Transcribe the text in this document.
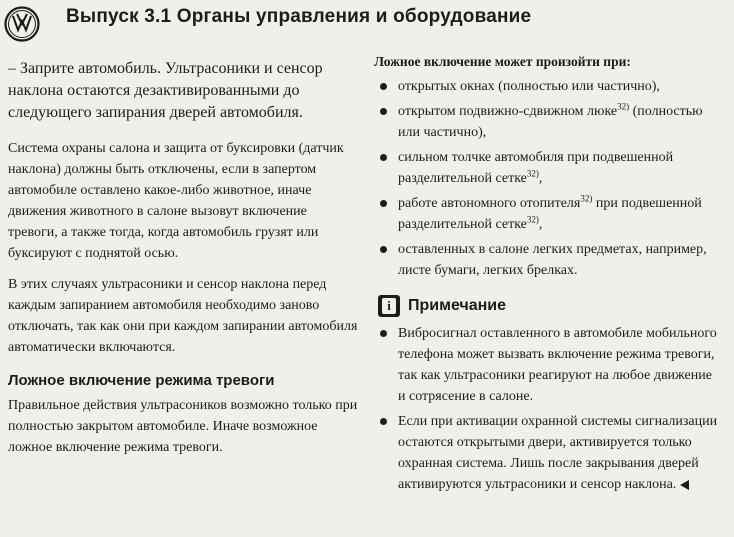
Выпуск 3.1 Органы управления и оборудование

– Заприте автомобиль. Ультрасоники и сенсор наклона остаются дезактивированными до следующего запирания дверей автомобиля.

Система охраны салона и защита от буксировки (датчик наклона) должны быть отключены, если в запертом автомобиле оставлено какое-либо животное, иначе движения животного в салоне вызовут включение тревоги, а также тогда, когда автомобиль грузят или буксируют с поднятой осью.

В этих случаях ультрасоники и сенсор наклона перед каждым запиранием автомобиля необходимо заново отключать, так как они при каждом запирании автомобиля автоматически включаются.

Ложное включение режима тревоги

Правильное действия ультрасоников возможно только при полностью закрытом автомобиле. Иначе возможное ложное включение режима тревоги.

Ложное включение может произойти при:
открытых окнах (полностью или частично),
открытом подвижно-сдвижном люке$^{32)}$ (полностью или частично),
сильном толчке автомобиля при подвешенной разделительной сетке$^{32)}$,
работе автономного отопителя$^{32)}$ при подвешенной разделительной сетке$^{32)}$,
оставленных в салоне легких предметах, например, листе бумаги, легких брелках.
i	Примечание
Вибросигнал оставленного в автомобиле мобильного телефона может вызвать включение режима тревоги, так как ультрасоники реагируют на любое движение и сотрясение в салоне.
Если при активации охранной системы сигнализации остаются открытыми двери, активируется только охранная система. Лишь после закрывания дверей активируются ультрасоники и сенсор наклона.
